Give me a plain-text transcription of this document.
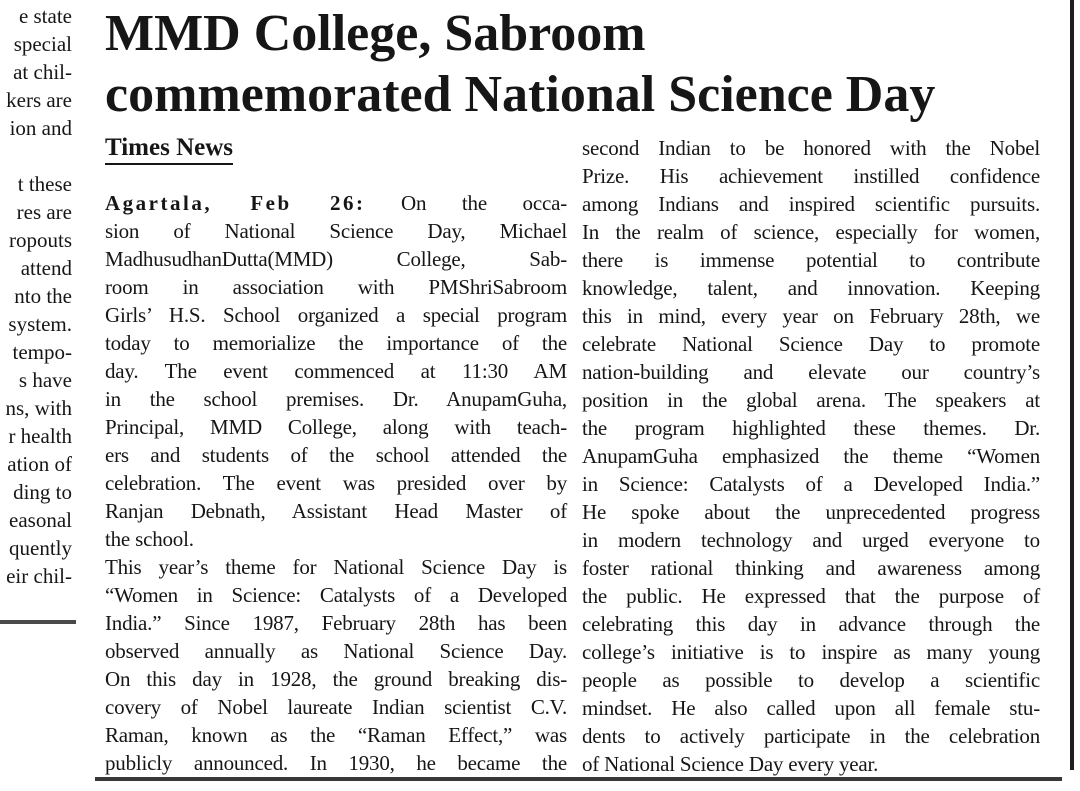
e state
special
at chil-
kers are
ion and
t these
res are
ropouts
attend
nto the
system.
tempo-
s have
ns, with
r health
ation of
ding to
easonal
quently
eir chil-
MMD College, Sabroom
commemorated National Science Day
Times News
Agartala, Feb 26: On the occa-
sion of National Science Day, Michael
MadhusudhanDutta(MMD) College, Sab-
room in association with PMShriSabroom
Girls’ H.S. School organized a special program
today to memorialize the importance of the
day. The event commenced at 11:30 AM
in the school premises. Dr. AnupamGuha,
Principal, MMD College, along with teach-
ers and students of the school attended the
celebration. The event was presided over by
Ranjan Debnath, Assistant Head Master of
the school.
This year’s theme for National Science Day is
“Women in Science: Catalysts of a Developed
India.” Since 1987, February 28th has been
observed annually as National Science Day.
On this day in 1928, the ground breaking dis-
covery of Nobel laureate Indian scientist C.V.
Raman, known as the “Raman Effect,” was
publicly announced. In 1930, he became the
second Indian to be honored with the Nobel
Prize. His achievement instilled confidence
among Indians and inspired scientific pursuits.
In the realm of science, especially for women,
there is immense potential to contribute
knowledge, talent, and innovation. Keeping
this in mind, every year on February 28th, we
celebrate National Science Day to promote
nation-building and elevate our country’s
position in the global arena. The speakers at
the program highlighted these themes. Dr.
AnupamGuha emphasized the theme “Women
in Science: Catalysts of a Developed India.”
He spoke about the unprecedented progress
in modern technology and urged everyone to
foster rational thinking and awareness among
the public. He expressed that the purpose of
celebrating this day in advance through the
college’s initiative is to inspire as many young
people as possible to develop a scientific
mindset. He also called upon all female stu-
dents to actively participate in the celebration
of National Science Day every year.
